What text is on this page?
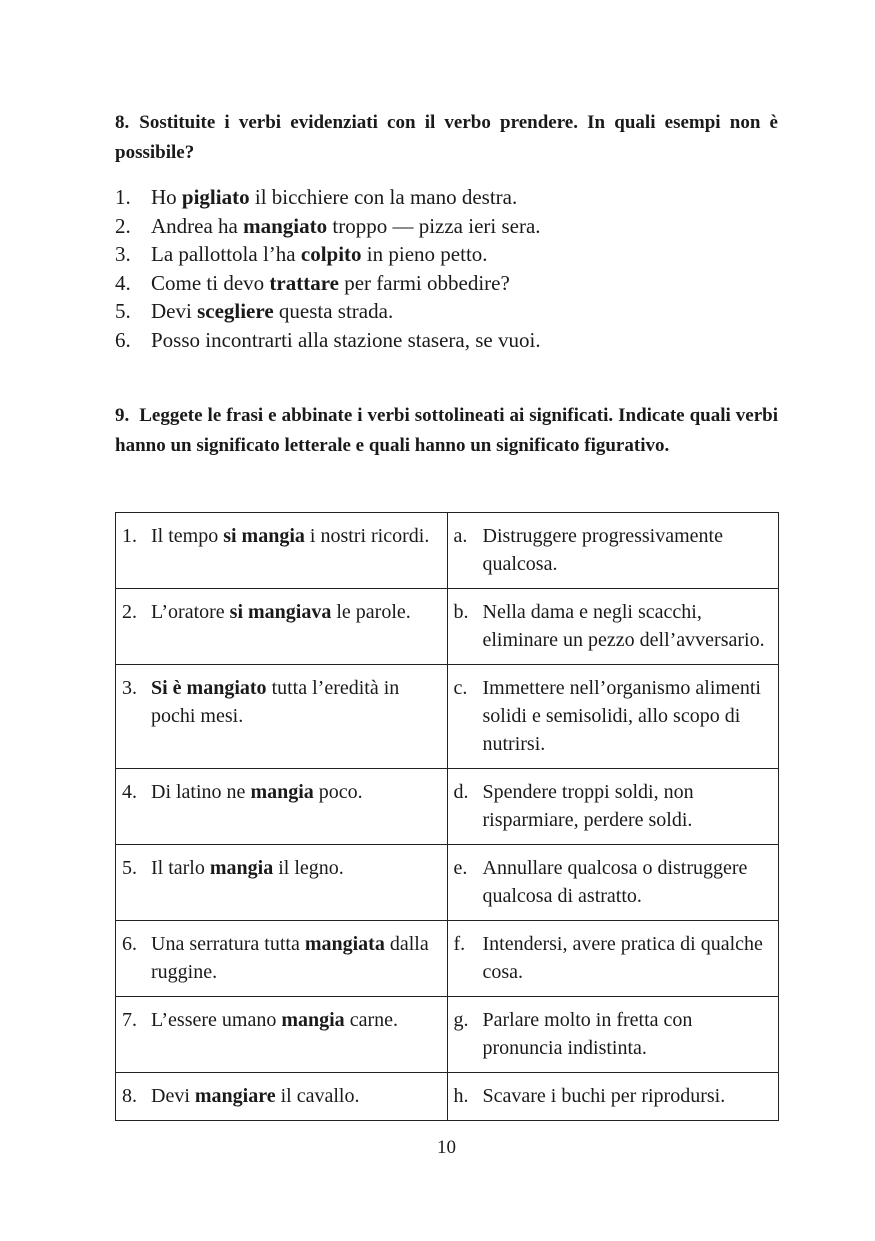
8. Sostituite i verbi evidenziati con il verbo prendere. In quali esempi non è possibile?

1. Ho pigliato il bicchiere con la mano destra.
2. Andrea ha mangiato troppo — pizza ieri sera.
3. La pallottola l’ha colpito in pieno petto.
4. Come ti devo trattare per farmi obbedire?
5. Devi scegliere questa strada.
6. Posso incontrarti alla stazione stasera, se vuoi.

9. Leggete le frasi e abbinate i verbi sottolineati ai significati. Indicate quali verbi hanno un significato letterale e quali hanno un significato figurativo.

1. Il tempo si mangia i nostri ricordi.	a. Distruggere progressivamente qualcosa.

2. L’oratore si mangiava le parole.	b. Nella dama e negli scacchi, eliminare un pezzo dell’avversario.

3. Si è mangiato tutta l’eredità in pochi mesi.	c. Immettere nell’organismo alimenti solidi e semisolidi, allo scopo di nutrirsi.

4. Di latino ne mangia poco.	d. Spendere troppi soldi, non risparmiare, perdere soldi.

5. Il tarlo mangia il legno.	e. Annullare qualcosa o distruggere qualcosa di astratto.

6. Una serratura tutta mangiata dalla ruggine.	f. Intendersi, avere pratica di qualche cosa.

7. L’essere umano mangia carne.	g. Parlare molto in fretta con pronuncia indistinta.

8. Devi mangiare il cavallo.	h. Scavare i buchi per riprodursi.
10
